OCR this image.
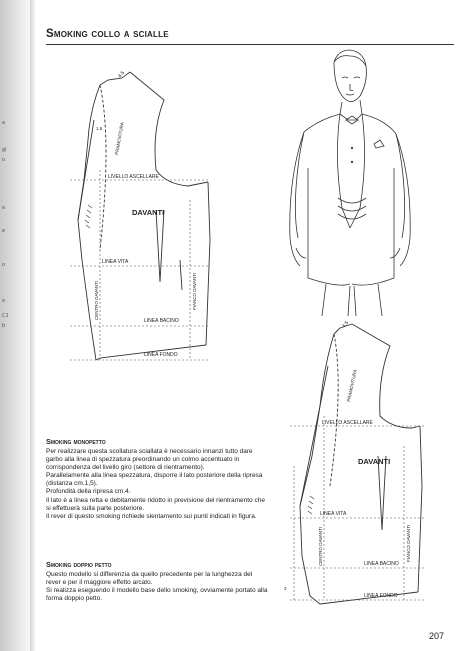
a
gi
o
e
e
o
e
C1
b
Smoking collo a scialle
4.5
1.5	PRAMOVITURA
LIVELLO ASCELLARE
DAVANTI
LINEA VITA
CENTRO DAVANTI	FIANCO DAVANTI
LINEA BACINO
LINEA FONDO
4.5
PRAMOVITURA
LIVELLO ASCELLARE
DAVANTI
LINEA VITA
CENTRO DAVANTI	FIANCO DAVANTI
LINEA BACINO
LINEA FONDO
3
Smoking monopetto

Per realizzare questa scollatura sciallata è necessario innanzi tutto dare garbo alla linea di spezzatura preordinando un colmo accentuato in corrispondenza del livello giro (settore di rientramento).

Parallelamente alla linea spezzatura, disporre il lato posteriore della ripresa (distanza cm.1,5).

Profondità della ripresa cm.4.

Il lato è a linea retta e debitamente ridotto in previsione del rientramento che si effettuerà sulla parte posteriore.

Il rever di questo smoking richiede slentamento sui punti indicati in figura.

Smoking doppio petto

Questo modello si differenzia da quello precedente per la lunghezza del rever e per il maggiore effetto arcato.

Si realizza eseguendo il modello base dello smoking, ovviamente portato alla forma doppio petto.

207
